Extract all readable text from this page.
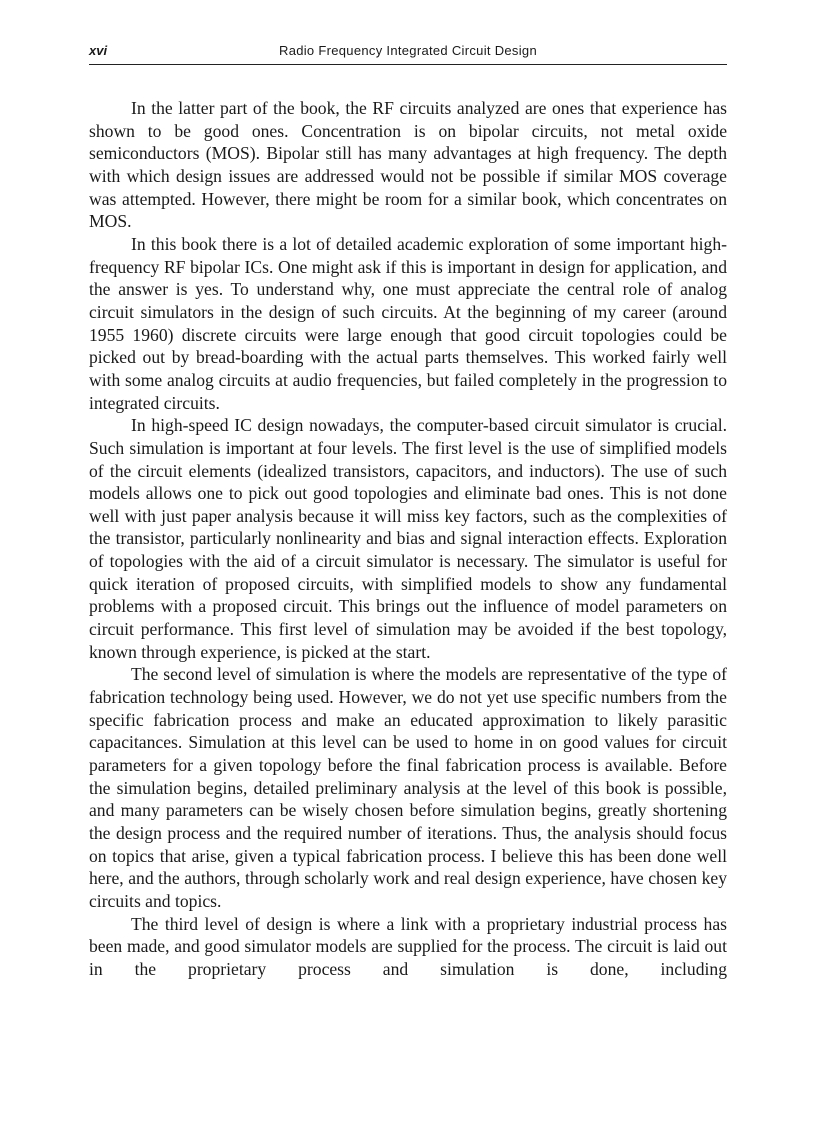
xvi	Radio Frequency Integrated Circuit Design

In the latter part of the book, the RF circuits analyzed are ones that experience has shown to be good ones. Concentration is on bipolar circuits, not metal oxide semiconductors (MOS). Bipolar still has many advantages at high frequency. The depth with which design issues are addressed would not be possible if similar MOS coverage was attempted. However, there might be room for a similar book, which concentrates on MOS.

In this book there is a lot of detailed academic exploration of some important high-frequency RF bipolar ICs. One might ask if this is important in design for application, and the answer is yes. To understand why, one must appreciate the central role of analog circuit simulators in the design of such circuits. At the beginning of my career (around 1955 1960) discrete circuits were large enough that good circuit topologies could be picked out by bread-boarding with the actual parts themselves. This worked fairly well with some analog circuits at audio frequencies, but failed completely in the progression to integrated circuits.

In high-speed IC design nowadays, the computer-based circuit simulator is crucial. Such simulation is important at four levels. The first level is the use of simplified models of the circuit elements (idealized transistors, capacitors, and inductors). The use of such models allows one to pick out good topologies and eliminate bad ones. This is not done well with just paper analysis because it will miss key factors, such as the complexities of the transistor, particularly nonlinearity and bias and signal interaction effects. Exploration of topologies with the aid of a circuit simulator is necessary. The simulator is useful for quick iteration of proposed circuits, with simplified models to show any fundamental problems with a proposed circuit. This brings out the influence of model parameters on circuit performance. This first level of simulation may be avoided if the best topology, known through experience, is picked at the start.

The second level of simulation is where the models are representative of the type of fabrication technology being used. However, we do not yet use specific numbers from the specific fabrication process and make an educated approximation to likely parasitic capacitances. Simulation at this level can be used to home in on good values for circuit parameters for a given topology before the final fabrication process is available. Before the simulation begins, detailed preliminary analysis at the level of this book is possible, and many parameters can be wisely chosen before simulation begins, greatly shortening the design process and the required number of iterations. Thus, the analysis should focus on topics that arise, given a typical fabrication process. I believe this has been done well here, and the authors, through scholarly work and real design experience, have chosen key circuits and topics.

The third level of design is where a link with a proprietary industrial process has been made, and good simulator models are supplied for the process. The circuit is laid out in the proprietary process and simulation is done, including
